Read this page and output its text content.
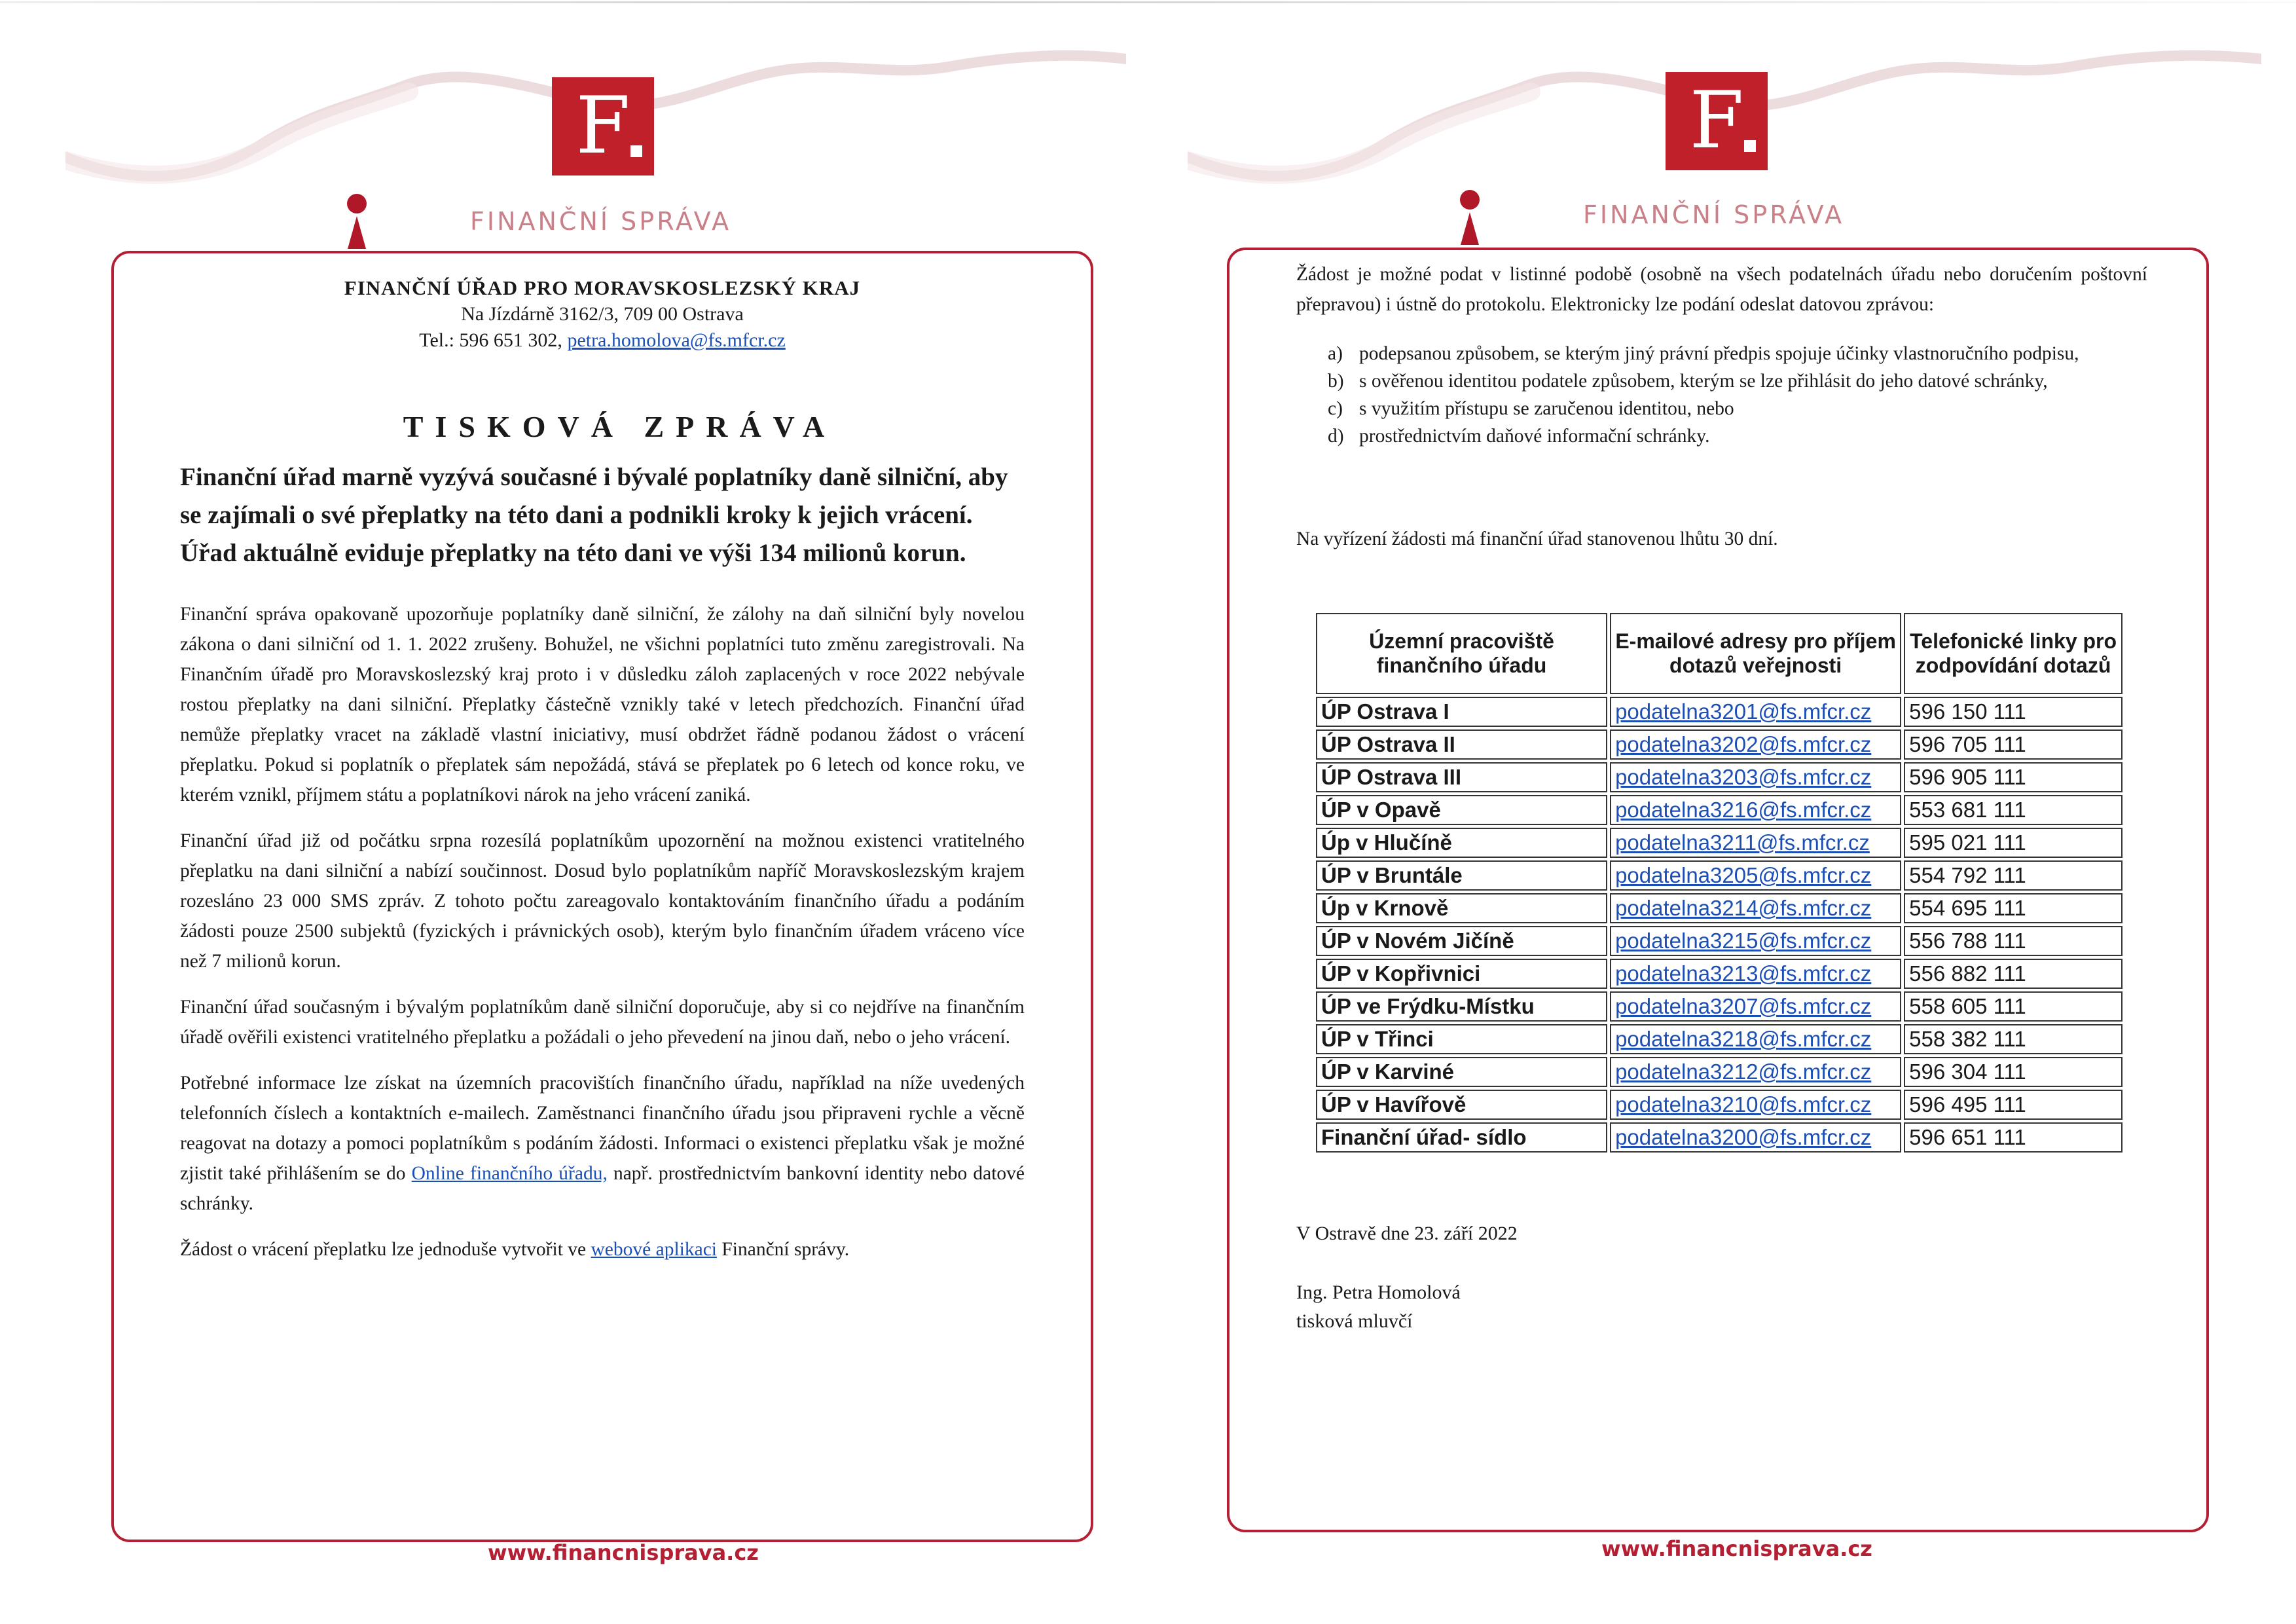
F
FINANČNÍ SPRÁVA
FINANČNÍ ÚŘAD PRO MORAVSKOSLEZSKÝ KRAJ
Na Jízdárně 3162/3, 709 00 Ostrava
Tel.: 596 651 302, petra.homolova@fs.mfcr.cz
TISKOVÁ ZPRÁVA
Finanční úřad marně vyzývá současné i bývalé poplatníky daně silniční, aby se zajímali o své přeplatky na této dani a podnikli kroky k jejich vrácení. Úřad aktuálně eviduje přeplatky na této dani ve výši 134 milionů korun.

Finanční správa opakovaně upozorňuje poplatníky daně silniční, že zálohy na daň silniční byly novelou zákona o dani silniční od 1. 1. 2022 zrušeny. Bohužel, ne všichni poplatníci tuto změnu zaregistrovali. Na Finančním úřadě pro Moravskoslezský kraj proto i v důsledku záloh zaplacených v roce 2022 nebývale rostou přeplatky na dani silniční. Přeplatky částečně vznikly také v letech předchozích. Finanční úřad nemůže přeplatky vracet na základě vlastní iniciativy, musí obdržet řádně podanou žádost o vrácení přeplatku. Pokud si poplatník o přeplatek sám nepožádá, stává se přeplatek po 6 letech od konce roku, ve kterém vznikl, příjmem státu a poplatníkovi nárok na jeho vrácení zaniká.

Finanční úřad již od počátku srpna rozesílá poplatníkům upozornění na možnou existenci vratitelného přeplatku na dani silniční a nabízí součinnost. Dosud bylo poplatníkům napříč Moravskoslezským krajem rozesláno 23 000 SMS zpráv. Z tohoto počtu zareagovalo kontaktováním finančního úřadu a podáním žádosti pouze 2500 subjektů (fyzických i právnických osob), kterým bylo finančním úřadem vráceno více než 7 milionů korun.

Finanční úřad současným i bývalým poplatníkům daně silniční doporučuje, aby si co nejdříve na finančním úřadě ověřili existenci vratitelného přeplatku a požádali o jeho převedení na jinou daň, nebo o jeho vrácení.

Potřebné informace lze získat na územních pracovištích finančního úřadu, například na níže uvedených telefonních číslech a kontaktních e-mailech. Zaměstnanci finančního úřadu jsou připraveni rychle a věcně reagovat na dotazy a pomoci poplatníkům s podáním žádosti. Informaci o existenci přeplatku však je možné zjistit také přihlášením se do Online finančního úřadu, např. prostřednictvím bankovní identity nebo datové schránky.

Žádost o vrácení přeplatku lze jednoduše vytvořit ve webové aplikaci Finanční správy.

www.financnisprava.cz
F
FINANČNÍ SPRÁVA
Žádost je možné podat v listinné podobě (osobně na všech podatelnách úřadu nebo doručením poštovní přepravou) i ústně do protokolu. Elektronicky lze podání odeslat datovou zprávou:
a) podepsanou způsobem, se kterým jiný právní předpis spojuje účinky vlastnoručního podpisu,
b) s ověřenou identitou podatele způsobem, kterým se lze přihlásit do jeho datové schránky,
c) s využitím přístupu se zaručenou identitou, nebo
d) prostřednictvím daňové informační schránky.
Na vyřízení žádosti má finanční úřad stanovenou lhůtu 30 dní.
Územní pracoviště finančního úřadu	E-mailové adresy pro příjem dotazů veřejnosti	Telefonické linky pro zodpovídání dotazů
ÚP Ostrava I	podatelna3201@fs.mfcr.cz	596 150 111
ÚP Ostrava II	podatelna3202@fs.mfcr.cz	596 705 111
ÚP Ostrava III	podatelna3203@fs.mfcr.cz	596 905 111
ÚP v Opavě	podatelna3216@fs.mfcr.cz	553 681 111
Úp v Hlučíně	podatelna3211@fs.mfcr.cz	595 021 111
ÚP v Bruntále	podatelna3205@fs.mfcr.cz	554 792 111
Úp v Krnově	podatelna3214@fs.mfcr.cz	554 695 111
ÚP v Novém Jičíně	podatelna3215@fs.mfcr.cz	556 788 111
ÚP v Kopřivnici	podatelna3213@fs.mfcr.cz	556 882 111
ÚP ve Frýdku-Místku	podatelna3207@fs.mfcr.cz	558 605 111
ÚP v Třinci	podatelna3218@fs.mfcr.cz	558 382 111
ÚP v Karviné	podatelna3212@fs.mfcr.cz	596 304 111
ÚP v Havířově	podatelna3210@fs.mfcr.cz	596 495 111
Finanční úřad- sídlo	podatelna3200@fs.mfcr.cz	596 651 111
V Ostravě dne 23. září 2022
Ing. Petra Homolová
tisková mluvčí
www.financnisprava.cz
